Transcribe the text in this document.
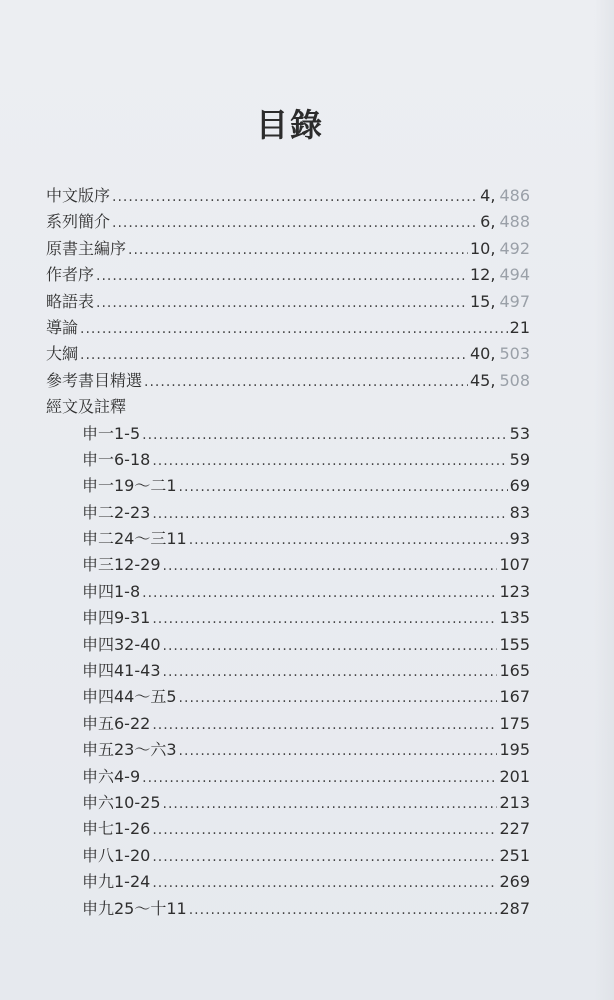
目錄
中文版序 .....	4 , 486
系列簡介 .....	6 , 488
原書主編序 .....	10 , 492
作者序 .....	12 , 494
略語表 .....	15 , 497
導論 .....	21
大綱 .....	40 , 503
參考書目精選 .....	45 , 508
經文及註釋
申一1-5 .....	53
申一6-18 .....	59
申一19～二1 .....	69
申二2-23 .....	83
申二24～三11 .....	93
申三12-29 .....	107
申四1-8 .....	123
申四9-31 .....	135
申四32-40 .....	155
申四41-43 .....	165
申四44～五5 .....	167
申五6-22 .....	175
申五23～六3 .....	195
申六4-9 .....	201
申六10-25 .....	213
申七1-26 .....	227
申八1-20 .....	251
申九1-24 .....	269
申九25～十11 .....	287
